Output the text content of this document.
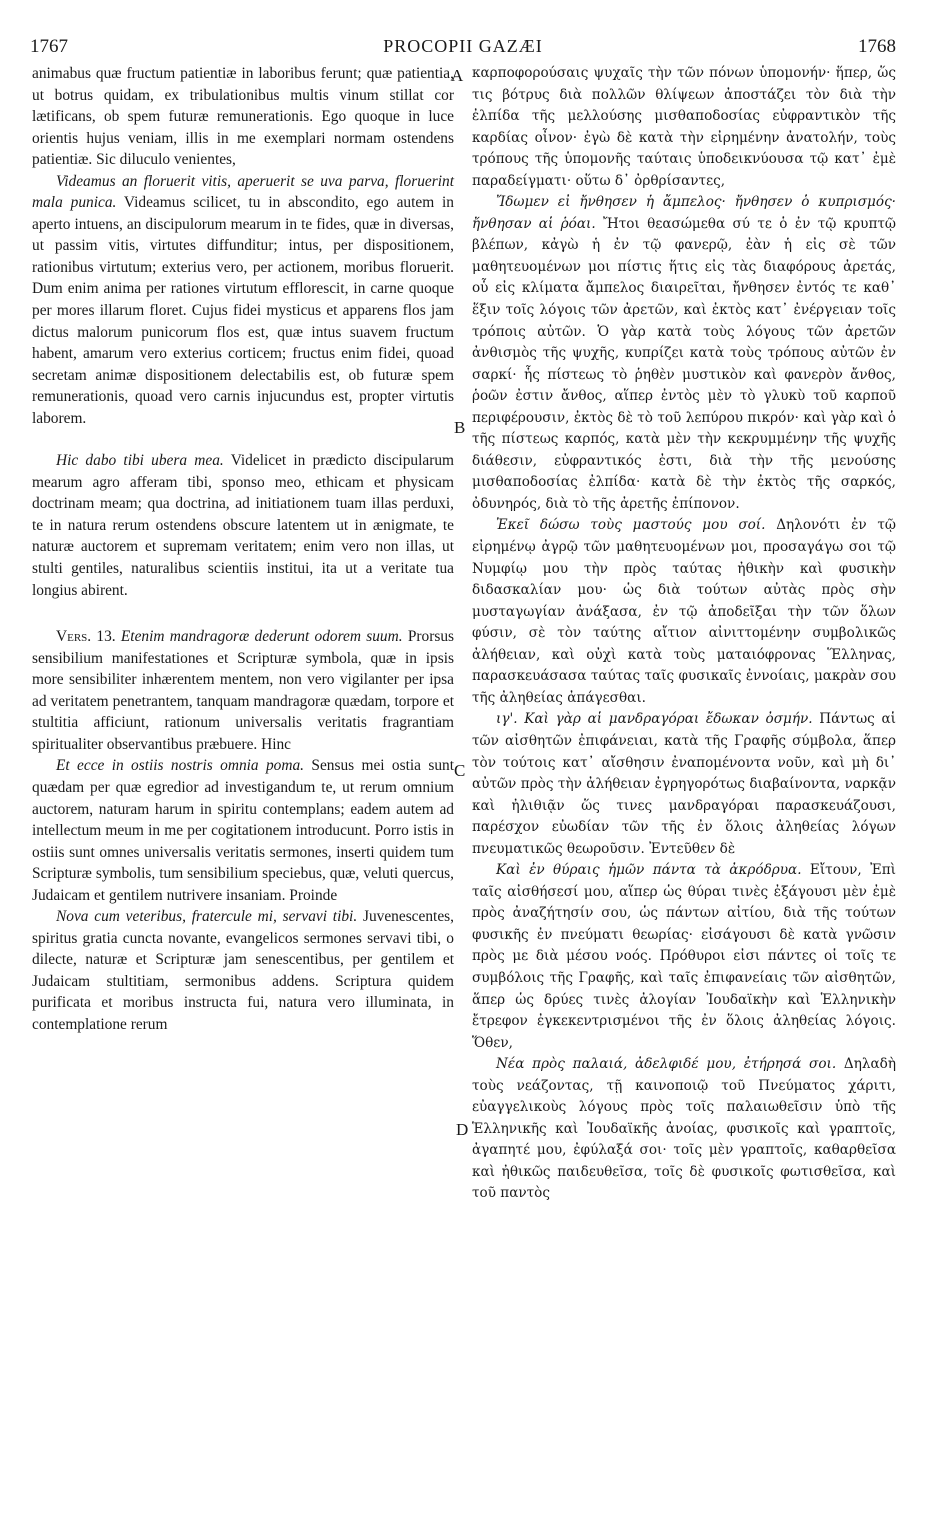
1767	PROCOPII GAZÆI	1768
A
B
C
D

animabus quæ fructum patientiæ in laboribus ferunt; quæ patientia, ut botrus quidam, ex tribulationibus multis vinum stillat cor lætificans, ob spem futuræ remunerationis. Ego quoque in luce orientis hujus veniam, illis in me exemplari normam ostendens patientiæ. Sic diluculo venientes,

Videamus an floruerit vitis, aperuerit se uva parva, floruerint mala punica. Videamus scilicet, tu in abscondito, ego autem in aperto intuens, an discipulorum mearum in te fides, quæ in diversas, ut passim vitis, virtutes diffunditur; intus, per dispositionem, rationibus virtutum; exterius vero, per actionem, moribus floruerit. Dum enim anima per rationes virtutum efflorescit, in carne quoque per mores illarum floret. Cujus fidei mysticus et apparens flos jam dictus malorum punicorum flos est, quæ intus suavem fructum habent, amarum vero exterius corticem; fructus enim fidei, quoad secretam animæ dispositionem delectabilis est, ob futuræ spem remunerationis, quoad vero carnis injucundus est, propter virtutis laborem.

Hic dabo tibi ubera mea. Videlicet in prædicto discipularum mearum agro afferam tibi, sponso meo, ethicam et physicam doctrinam meam; qua doctrina, ad initiationem tuam illas perduxi, te in natura rerum ostendens obscure latentem ut in ænigmate, te naturæ auctorem et supremam veritatem; enim vero non illas, ut stulti gentiles, naturalibus scientiis institui, ita ut a veritate tua longius abirent.

Vers. 13. Etenim mandragoræ dederunt odorem suum. Prorsus sensibilium manifestationes et Scripturæ symbola, quæ in ipsis more sensibiliter inhærentem mentem, non vero vigilanter per ipsa ad veritatem penetrantem, tanquam mandragoræ quædam, torpore et stultitia afficiunt, rationum universalis veritatis fragrantiam spiritualiter observantibus præbuere. Hinc

Et ecce in ostiis nostris omnia poma. Sensus mei ostia sunt quædam per quæ egredior ad investigandum te, ut rerum omnium auctorem, naturam harum in spiritu contemplans; eadem autem ad intellectum meum in me per cogitationem introducunt. Porro istis in ostiis sunt omnes universalis veritatis sermones, inserti quidem tum Scripturæ symbolis, tum sensibilium speciebus, quæ, veluti quercus, Judaicam et gentilem nutrivere insaniam. Proinde

Nova cum veteribus, fratercule mi, servavi tibi. Juvenescentes, spiritus gratia cuncta novante, evangelicos sermones servavi tibi, o dilecte, naturæ et Scripturæ jam senescentibus, per gentilem et Judaicam stultitiam, sermonibus addens. Scriptura quidem purificata et moribus instructa fui, natura vero illuminata, in contemplatione rerum

καρποφορούσαις ψυχαῖς τὴν τῶν πόνων ὑπομονήν· ἥπερ, ὥς τις βότρυς διὰ πολλῶν θλίψεων ἀποστάζει τὸν διὰ τὴν ἐλπίδα τῆς μελλούσης μισθαποδοσίας εὐφραντικὸν τῆς καρδίας οἶνον· ἐγὼ δὲ κατὰ τὴν εἰρημένην ἀνατολήν, τοὺς τρόπους τῆς ὑπομονῆς ταύταις ὑποδεικνύουσα τῷ κατ᾽ ἐμὲ παραδείγματι· οὕτω δ᾽ ὀρθρίσαντες,

Ἴδωμεν εἰ ἤνθησεν ἡ ἄμπελος· ἤνθησεν ὁ κυπρισμός· ἤνθησαν αἱ ῥόαι. Ἤτοι θεασώμεθα σύ τε ὁ ἐν τῷ κρυπτῷ βλέπων, κἀγὼ ἡ ἐν τῷ φανερῷ, ἐὰν ἡ εἰς σὲ τῶν μαθητευομένων μοι πίστις ἥτις εἰς τὰς διαφόρους ἀρετάς, οὗ εἰς κλίματα ἄμπελος διαιρεῖται, ἤνθησεν ἐντός τε καθ᾽ ἕξιν τοῖς λόγοις τῶν ἀρετῶν, καὶ ἐκτὸς κατ᾽ ἐνέργειαν τοῖς τρόποις αὐτῶν. Ὁ γὰρ κατὰ τοὺς λόγους τῶν ἀρετῶν ἀνθισμὸς τῆς ψυχῆς, κυπρίζει κατὰ τοὺς τρόπους αὐτῶν ἐν σαρκί· ἧς πίστεως τὸ ῥηθὲν μυστικὸν καὶ φανερὸν ἄνθος, ῥοῶν ἐστιν ἄνθος, αἵπερ ἐντὸς μὲν τὸ γλυκὺ τοῦ καρποῦ περιφέρουσιν, ἐκτὸς δὲ τὸ τοῦ λεπύρου πικρόν· καὶ γὰρ καὶ ὁ τῆς πίστεως καρπός, κατὰ μὲν τὴν κεκρυμμένην τῆς ψυχῆς διάθεσιν, εὐφραντικός ἐστι, διὰ τὴν τῆς μενούσης μισθαποδοσίας ἐλπίδα· κατὰ δὲ τὴν ἐκτὸς τῆς σαρκός, ὀδυνηρός, διὰ τὸ τῆς ἀρετῆς ἐπίπονον.

Ἐκεῖ δώσω τοὺς μαστούς μου σοί. Δηλονότι ἐν τῷ εἰρημένῳ ἀγρῷ τῶν μαθητευομένων μοι, προσαγάγω σοι τῷ Νυμφίῳ μου τὴν πρὸς ταύτας ἠθικὴν καὶ φυσικὴν διδασκαλίαν μου· ὡς διὰ τούτων αὐτὰς πρὸς σὴν μυσταγωγίαν ἀνάξασα, ἐν τῷ ἀποδεῖξαι τὴν τῶν ὅλων φύσιν, σὲ τὸν ταύτης αἴτιον αἰνιττομένην συμβολικῶς ἀλήθειαν, καὶ οὐχὶ κατὰ τοὺς ματαιόφρονας Ἕλληνας, παρασκευάσασα ταύτας ταῖς φυσικαῖς ἐννοίαις, μακρὰν σου τῆς ἀληθείας ἀπάγεσθαι.

ιγ'. Καὶ γὰρ αἱ μανδραγόραι ἔδωκαν ὀσμήν. Πάντως αἱ τῶν αἰσθητῶν ἐπιφάνειαι, κατὰ τῆς Γραφῆς σύμβολα, ἅπερ τὸν τούτοις κατ᾽ αἴσθησιν ἐναπομένοντα νοῦν, καὶ μὴ δι᾽ αὐτῶν πρὸς τὴν ἀλήθειαν ἐγρηγορότως διαβαίνοντα, ναρκᾷν καὶ ἠλιθιᾷν ὥς τινες μανδραγόραι παρασκευάζουσι, παρέσχον εὐωδίαν τῶν τῆς ἐν ὅλοις ἀληθείας λόγων πνευματικῶς θεωροῦσιν. Ἐντεῦθεν δὲ

Καὶ ἐν θύραις ἡμῶν πάντα τὰ ἀκρόδρυα. Εἴτουν, Ἐπὶ ταῖς αἰσθήσεσί μου, αἵπερ ὡς θύραι τινὲς ἐξάγουσι μὲν ἐμὲ πρὸς ἀναζήτησίν σου, ὡς πάντων αἰτίου, διὰ τῆς τούτων φυσικῆς ἐν πνεύματι θεωρίας· εἰσάγουσι δὲ κατὰ γνῶσιν πρὸς με διὰ μέσου νοός. Πρόθυροι εἰσι πάντες οἱ τοῖς τε συμβόλοις τῆς Γραφῆς, καὶ ταῖς ἐπιφανείαις τῶν αἰσθητῶν, ἅπερ ὡς δρύες τινὲς ἀλογίαν Ἰουδαϊκὴν καὶ Ἑλληνικὴν ἔτρεφον ἐγκεκεντρισμένοι τῆς ἐν ὅλοις ἀληθείας λόγοις. Ὅθεν,

Νέα πρὸς παλαιά, ἀδελφιδέ μου, ἐτήρησά σοι. Δηλαδὴ τοὺς νεάζοντας, τῇ καινοποιῷ τοῦ Πνεύματος χάριτι, εὐαγγελικοὺς λόγους πρὸς τοῖς παλαιωθεῖσιν ὑπὸ τῆς Ἑλληνικῆς καὶ Ἰουδαϊκῆς ἀνοίας, φυσικοῖς καὶ γραπτοῖς, ἀγαπητέ μου, ἐφύλαξά σοι· τοῖς μὲν γραπτοῖς, καθαρθεῖσα καὶ ἠθικῶς παιδευθεῖσα, τοῖς δὲ φυσικοῖς φωτισθεῖσα, καὶ τοῦ παντὸς
